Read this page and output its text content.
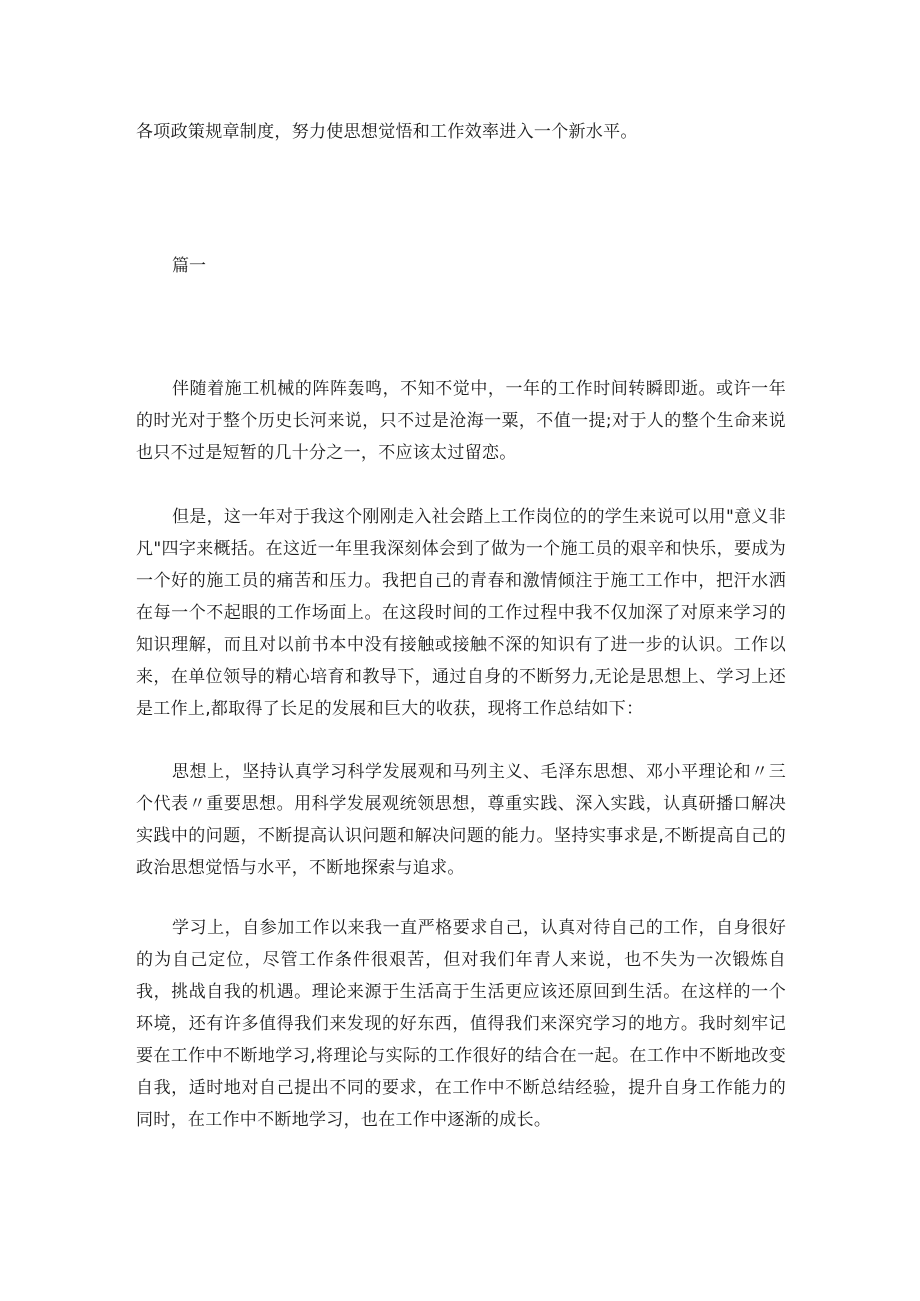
各项政策规章制度，努力使思想觉悟和工作效率进入一个新水平。

篇一

伴随着施工机械的阵阵轰鸣，不知不觉中，一年的工作时间转瞬即逝。或许一年的时光对于整个历史长河来说，只不过是沧海一粟，不值一提;对于人的整个生命来说也只不过是短暂的几十分之一，不应该太过留恋。

但是，这一年对于我这个刚刚走入社会踏上工作岗位的的学生来说可以用"意义非凡"四字来概括。在这近一年里我深刻体会到了做为一个施工员的艰辛和快乐，要成为一个好的施工员的痛苦和压力。我把自己的青春和激情倾注于施工工作中，把汗水洒在每一个不起眼的工作场面上。在这段时间的工作过程中我不仅加深了对原来学习的知识理解，而且对以前书本中没有接触或接触不深的知识有了进一步的认识。工作以来，在单位领导的精心培育和教导下，通过自身的不断努力,无论是思想上、学习上还是工作上,都取得了长足的发展和巨大的收获，现将工作总结如下：

思想上，坚持认真学习科学发展观和马列主义、毛泽东思想、邓小平理论和〃三个代表〃重要思想。用科学发展观统领思想，尊重实践、深入实践，认真研播口解决实践中的问题，不断提高认识问题和解决问题的能力。坚持实事求是,不断提高自己的政治思想觉悟与水平，不断地探索与追求。

学习上，自参加工作以来我一直严格要求自己，认真对待自己的工作，自身很好的为自己定位，尽管工作条件很艰苦，但对我们年青人来说，也不失为一次锻炼自我，挑战自我的机遇。理论来源于生活高于生活更应该还原回到生活。在这样的一个环境，还有许多值得我们来发现的好东西，值得我们来深究学习的地方。我时刻牢记要在工作中不断地学习,将理论与实际的工作很好的结合在一起。在工作中不断地改变自我，适时地对自己提出不同的要求，在工作中不断总结经验，提升自身工作能力的同时，在工作中不断地学习，也在工作中逐渐的成长。
